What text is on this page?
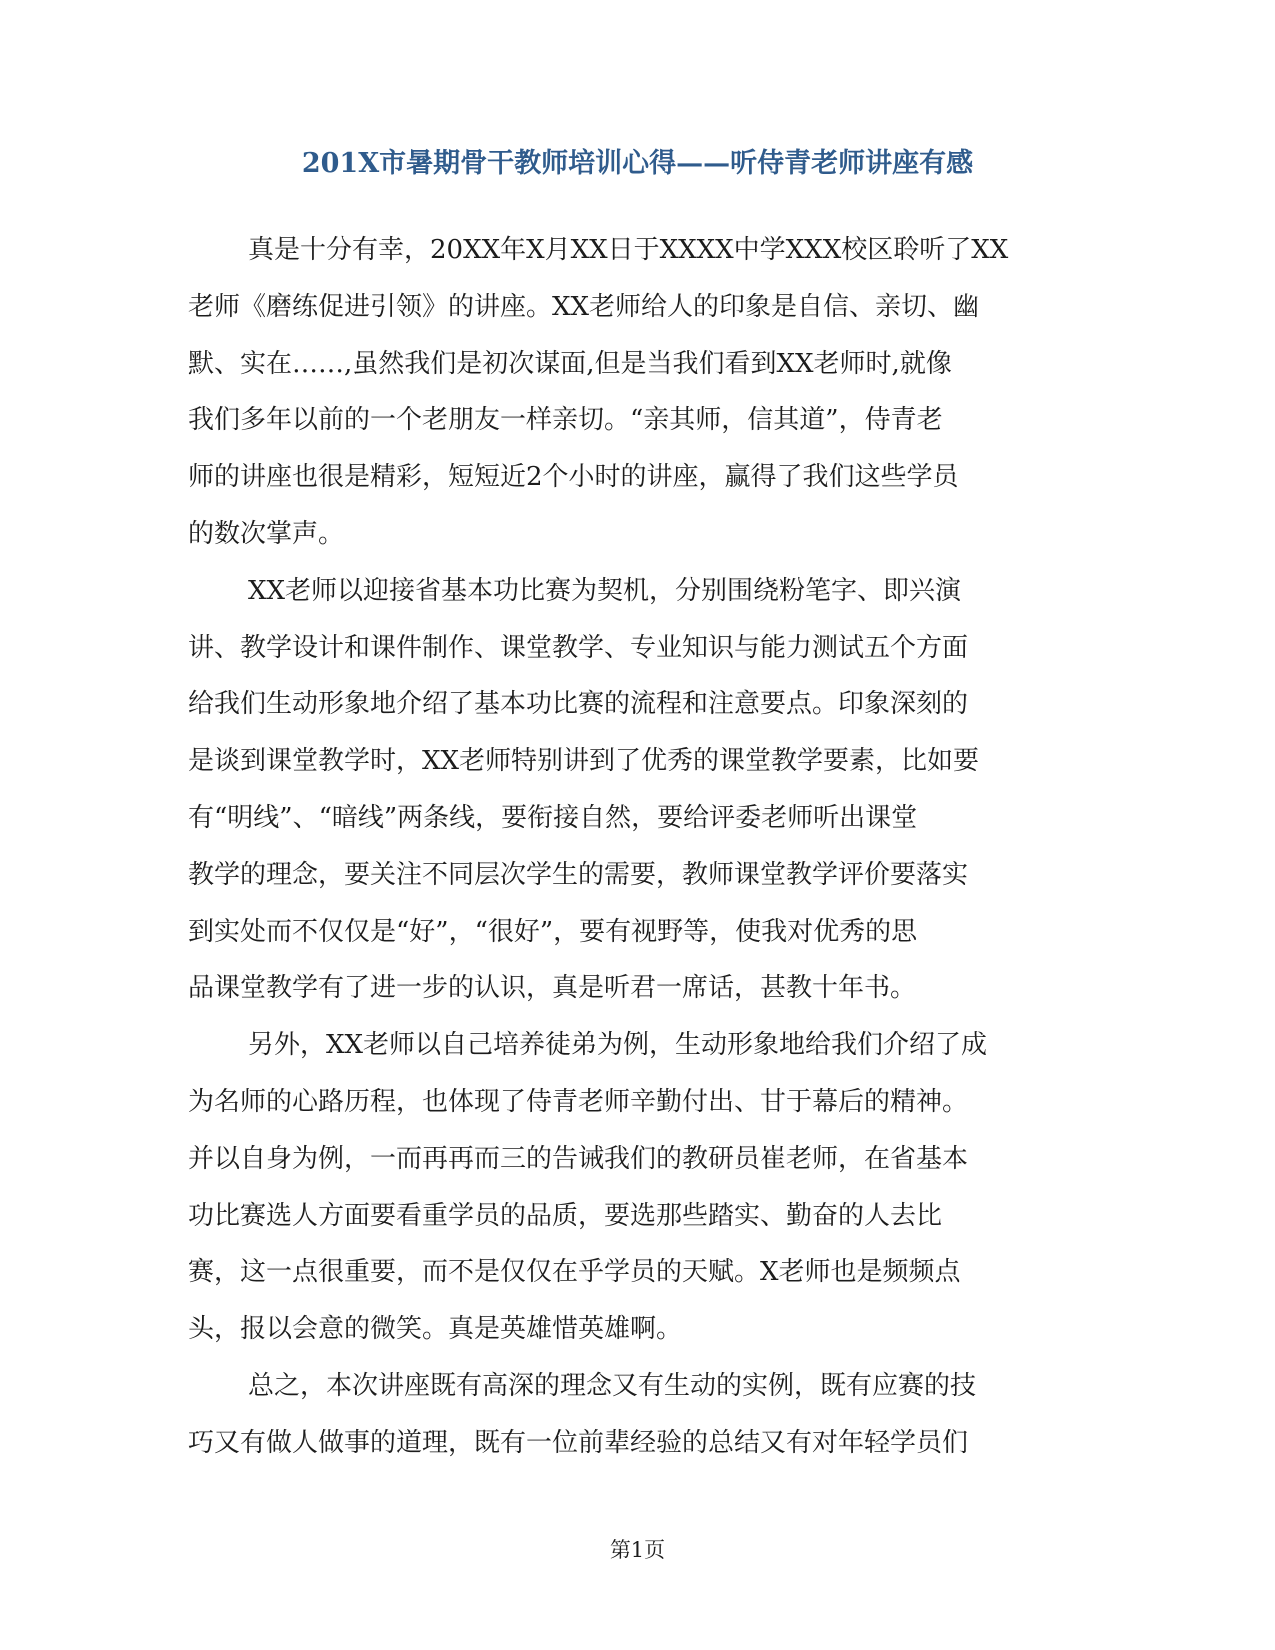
201X市暑期骨干教师培训心得——听侍青老师讲座有感
真是十分有幸，20XX年X月XX日于XXXX中学XXX校区聆听了XX
老师《磨练促进引领》的讲座。XX老师给人的印象是自信、亲切、幽
默、实在……,虽然我们是初次谋面,但是当我们看到XX老师时,就像
我们多年以前的一个老朋友一样亲切。“亲其师，信其道”，侍青老
师的讲座也很是精彩，短短近2个小时的讲座，赢得了我们这些学员
的数次掌声。
XX老师以迎接省基本功比赛为契机，分别围绕粉笔字、即兴演
讲、教学设计和课件制作、课堂教学、专业知识与能力测试五个方面
给我们生动形象地介绍了基本功比赛的流程和注意要点。印象深刻的
是谈到课堂教学时，XX老师特别讲到了优秀的课堂教学要素，比如要
有“明线”、“暗线”两条线，要衔接自然，要给评委老师听出课堂
教学的理念，要关注不同层次学生的需要，教师课堂教学评价要落实
到实处而不仅仅是“好”，“很好”，要有视野等，使我对优秀的思
品课堂教学有了进一步的认识，真是听君一席话，甚教十年书。
另外，XX老师以自己培养徒弟为例，生动形象地给我们介绍了成
为名师的心路历程，也体现了侍青老师辛勤付出、甘于幕后的精神。
并以自身为例，一而再再而三的告诫我们的教研员崔老师，在省基本
功比赛选人方面要看重学员的品质，要选那些踏实、勤奋的人去比
赛，这一点很重要，而不是仅仅在乎学员的天赋。X老师也是频频点
头，报以会意的微笑。真是英雄惜英雄啊。
总之，本次讲座既有高深的理念又有生动的实例，既有应赛的技
巧又有做人做事的道理，既有一位前辈经验的总结又有对年轻学员们
第1页
